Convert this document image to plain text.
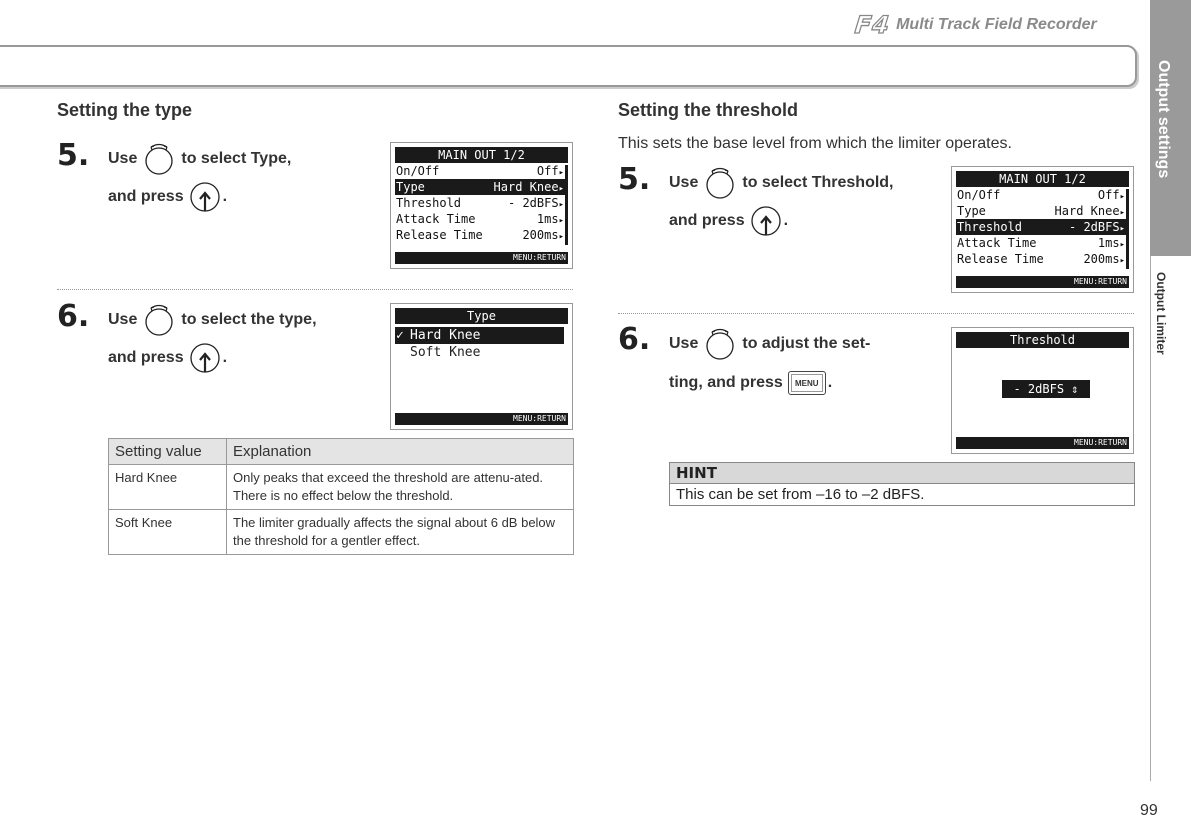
F4 Multi Track Field Recorder
Output settings
Output Limiter
99
Setting the type
5. Use	to select Type,
and press .
MAIN OUT 1/2
On/Off	Off ▸
Type	Hard Knee ▸
Threshold	- 2dBFS ▸
Attack Time	1ms ▸
Release Time	200ms ▸
MENU:RETURN
6. Use	to select the type,
and press .
Type
✓ Hard Knee
Soft Knee
MENU:RETURN
Setting value	Explanation
Hard Knee	Only peaks that exceed the threshold are attenu-ated. There is no effect below the threshold.
Soft Knee	The limiter gradually affects the signal about 6 dB below the threshold for a gentler effect.
Setting the threshold

This sets the base level from which the limiter operates.

5. Use	to select Threshold,
and press .
MAIN OUT 1/2
On/Off	Off ▸
Type	Hard Knee ▸
Threshold	- 2dBFS ▸
Attack Time	1ms ▸
Release Time	200ms ▸
MENU:RETURN
6. Use	to adjust the set-
ting, and press	MENU .
Threshold
- 2dBFS ⇕
MENU:RETURN
HINT
This can be set from –16 to –2 dBFS.
